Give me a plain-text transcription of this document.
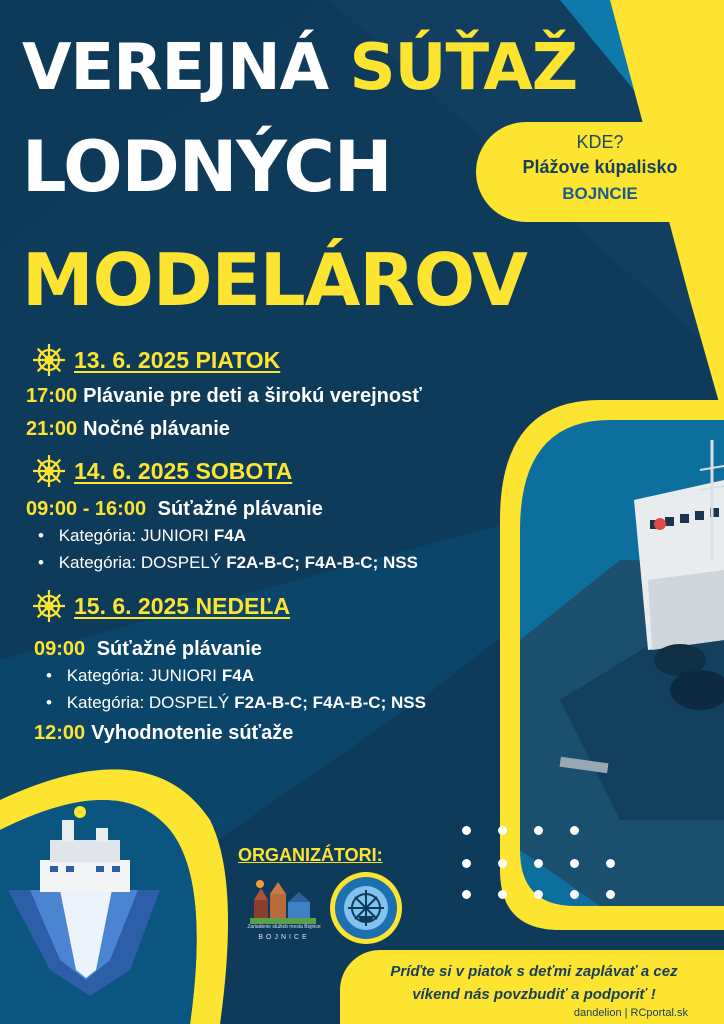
VEREJNÁ SÚŤAŽ
LODNÝCH
MODELÁROV
KDE?
Plážove kúpalisko
BOJNCIE
13. 6. 2025 PIATOK
17:00 Plávanie pre deti a širokú verejnosť
21:00 Nočné plávanie
14. 6. 2025 SOBOTA
09:00 - 16:00 Súťažné plávanie
• Kategória: JUNIORI F4A
• Kategória: DOSPELÝ F2A-B-C; F4A-B-C; NSS
15. 6. 2025 NEDEĽA
09:00 Súťažné plávanie
• Kategória: JUNIORI F4A
• Kategória: DOSPELÝ F2A-B-C; F4A-B-C; NSS
12:00 Vyhodnotenie súťaže
ORGANIZÁTORI:
Zariadenie služieb mesta Bojnice
BOJNICE
Príďte si v piatok s deťmi zaplávať a cez
víkend nás povzbudiť a podporiť !
dandelion | RCportal.sk
